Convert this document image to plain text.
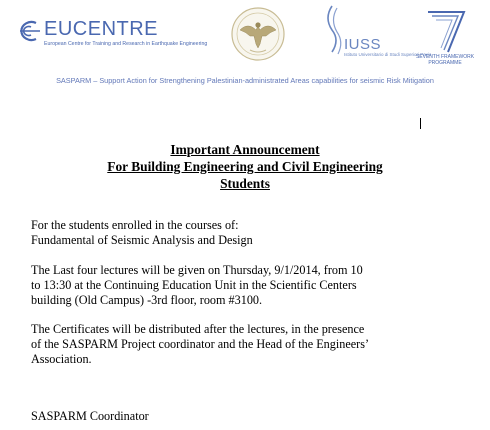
EUCENTRE
European Centre for Training and Research in Earthquake Engineering	IUSS
Istituto Universitario di Studi Superiori Pavia
SEVENTH FRAMEWORK PROGRAMME
SASPARM – Support Action for Strengthening Palestinian-administrated Areas capabilities for seismic Risk Mitigation
Important Announcement
For Building Engineering and Civil Engineering
Students
For the students enrolled in the courses of:
Fundamental of Seismic Analysis and Design
The Last four lectures will be given on Thursday, 9/1/2014, from 10
to 13:30 at the Continuing Education Unit in the Scientific Centers
building (Old Campus) -3rd floor, room #3100.
The Certificates will be distributed after the lectures, in the presence
of the SASPARM Project coordinator and the Head of the Engineers’
Association.
SASPARM Coordinator
